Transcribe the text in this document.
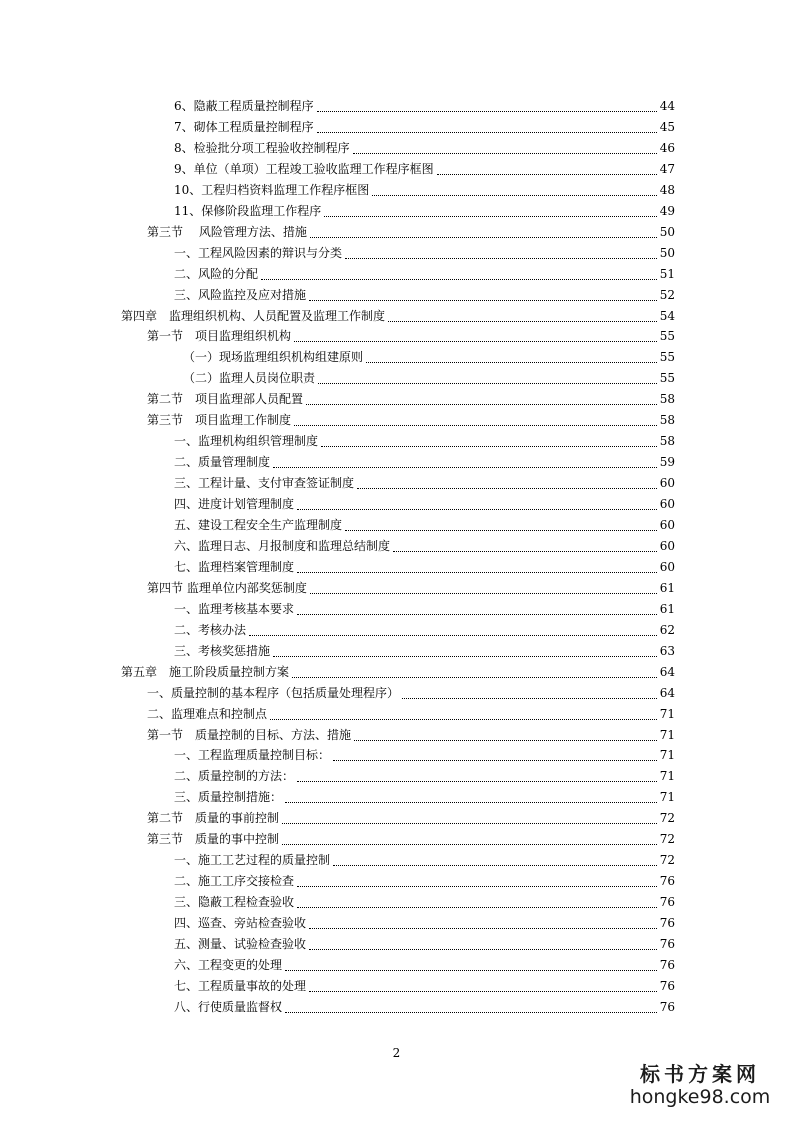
6、隐蔽工程质量控制程序	44
7、砌体工程质量控制程序	45
8、检验批分项工程验收控制程序	46
9、单位（单项）工程竣工验收监理工作程序框图	47
10、工程归档资料监理工作程序框图	48
11、保修阶段监理工作程序	49
第三节　 风险管理方法、措施	50
一、工程风险因素的辩识与分类	50
二、风险的分配	51
三、风险监控及应对措施	52
第四章　监理组织机构、人员配置及监理工作制度	54
第一节　项目监理组织机构	55
（一）现场监理组织机构组建原则	55
（二）监理人员岗位职责	55
第二节　项目监理部人员配置	58
第三节　项目监理工作制度	58
一、监理机构组织管理制度	58
二、质量管理制度	59
三、工程计量、支付审查签证制度	60
四、进度计划管理制度	60
五、建设工程安全生产监理制度	60
六、监理日志、月报制度和监理总结制度	60
七、监理档案管理制度	60
第四节 监理单位内部奖惩制度	61
一、监理考核基本要求	61
二、考核办法	62
三、考核奖惩措施	63
第五章　施工阶段质量控制方案	64
一、质量控制的基本程序（包括质量处理程序）	64
二、监理难点和控制点	71
第一节　质量控制的目标、方法、措施	71
一、工程监理质量控制目标：	71
二、质量控制的方法：	71
三、质量控制措施：	71
第二节　质量的事前控制	72
第三节　质量的事中控制	72
一、施工工艺过程的质量控制	72
二、施工工序交接检查	76
三、隐蔽工程检查验收	76
四、巡查、旁站检查验收	76
五、测量、试验检查验收	76
六、工程变更的处理	76
七、工程质量事故的处理	76
八、行使质量监督权	76
2
标书方案网
hongke98.com
